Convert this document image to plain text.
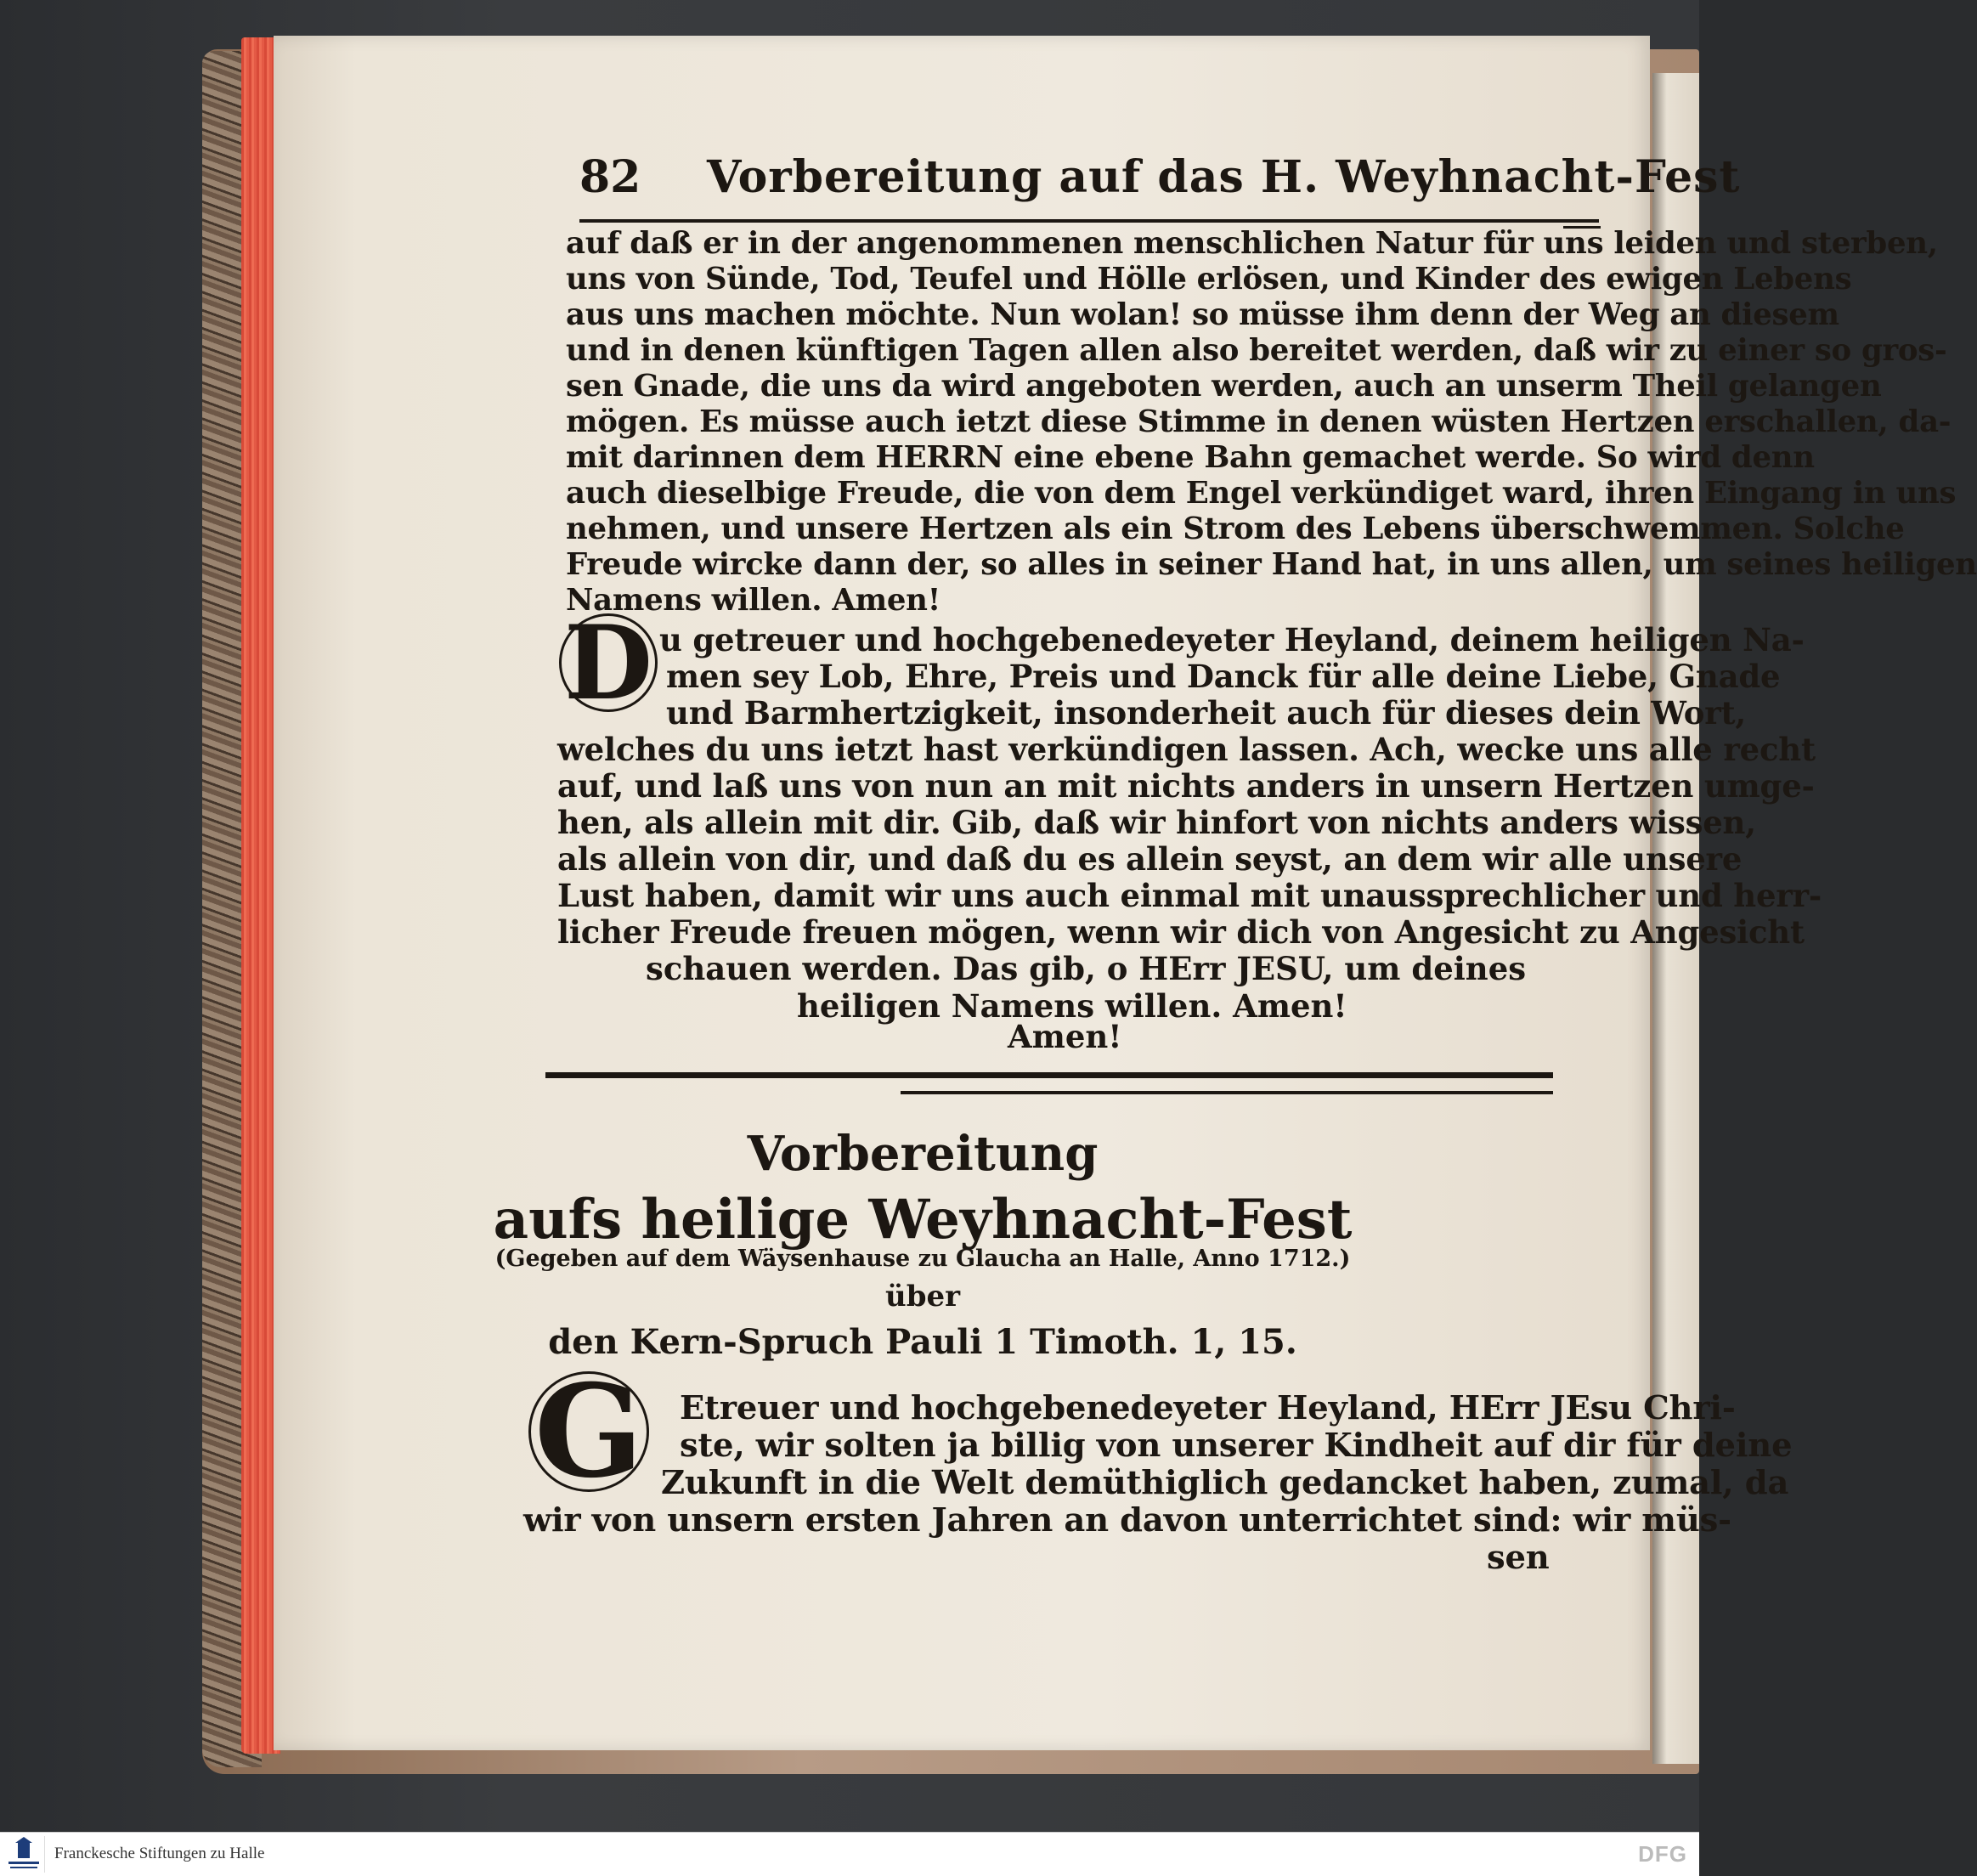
82 Vorbereitung auf das H. Weyhnacht-Fest
auf daß er in der angenommenen menschlichen Natur für uns leiden und sterben,
uns von Sünde, Tod, Teufel und Hölle erlösen, und Kinder des ewigen Lebens
aus uns machen möchte. Nun wolan! so müsse ihm denn der Weg an diesem
und in denen künftigen Tagen allen also bereitet werden, daß wir zu einer so gros-
sen Gnade, die uns da wird angeboten werden, auch an unserm Theil gelangen
mögen. Es müsse auch ietzt diese Stimme in denen wüsten Hertzen erschallen, da-
mit darinnen dem HERRN eine ebene Bahn gemachet werde. So wird denn
auch dieselbige Freude, die von dem Engel verkündiget ward, ihren Eingang in uns
nehmen, und unsere Hertzen als ein Strom des Lebens überschwemmen. Solche
Freude wircke dann der, so alles in seiner Hand hat, in uns allen, um seines heiligen
Namens willen. Amen!
D u getreuer und hochgebenedeyeter Heyland, deinem heiligen Na-
men sey Lob, Ehre, Preis und Danck für alle deine Liebe, Gnade
und Barmhertzigkeit, insonderheit auch für dieses dein Wort,
welches du uns ietzt hast verkündigen lassen. Ach, wecke uns alle recht
auf, und laß uns von nun an mit nichts anders in unsern Hertzen umge-
hen, als allein mit dir. Gib, daß wir hinfort von nichts anders wissen,
als allein von dir, und daß du es allein seyst, an dem wir alle unsere
Lust haben, damit wir uns auch einmal mit unaussprechlicher und herr-
licher Freude freuen mögen, wenn wir dich von Angesicht zu Angesicht
schauen werden. Das gib, o HErr JESU, um deines
heiligen Namens willen. Amen!
Amen!
Vorbereitung
aufs heilige Weyhnacht-Fest
(Gegeben auf dem Wäysenhause zu Glaucha an Halle, Anno 1712.)
über
den Kern-Spruch Pauli 1 Timoth. 1, 15.
G	Etreuer und hochgebenedeyeter Heyland, HErr JEsu Chri-
ste, wir solten ja billig von unserer Kindheit auf dir für deine
Zukunft in die Welt demüthiglich gedancket haben, zumal, da
wir von unsern ersten Jahren an davon unterrichtet sind: wir müs-
sen
Franckesche Stiftungen zu Halle	DFG
